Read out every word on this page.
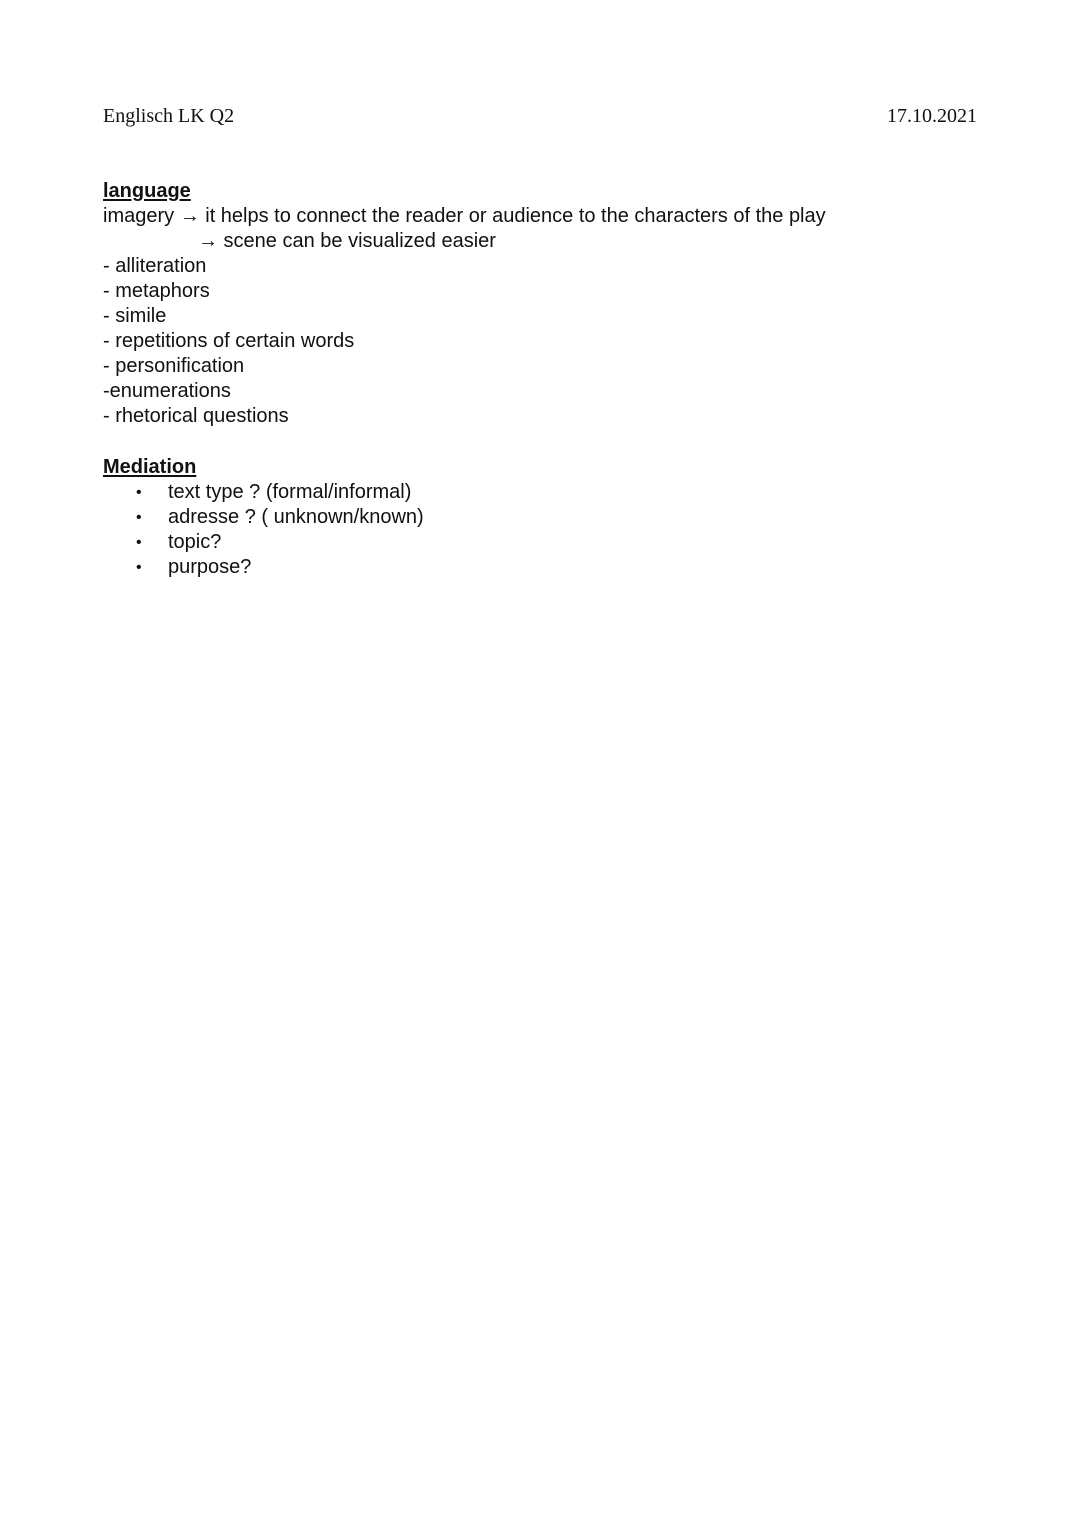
Englisch LK Q2	17.10.2021
language
imagery → it helps to connect the reader or audience to the characters of the play
→ scene can be visualized easier
- alliteration
- metaphors
- simile
- repetitions of certain words
- personification
-enumerations
- rhetorical questions
Mediation
• text type ? (formal/informal)
• adresse ? ( unknown/known)
• topic?
• purpose?
